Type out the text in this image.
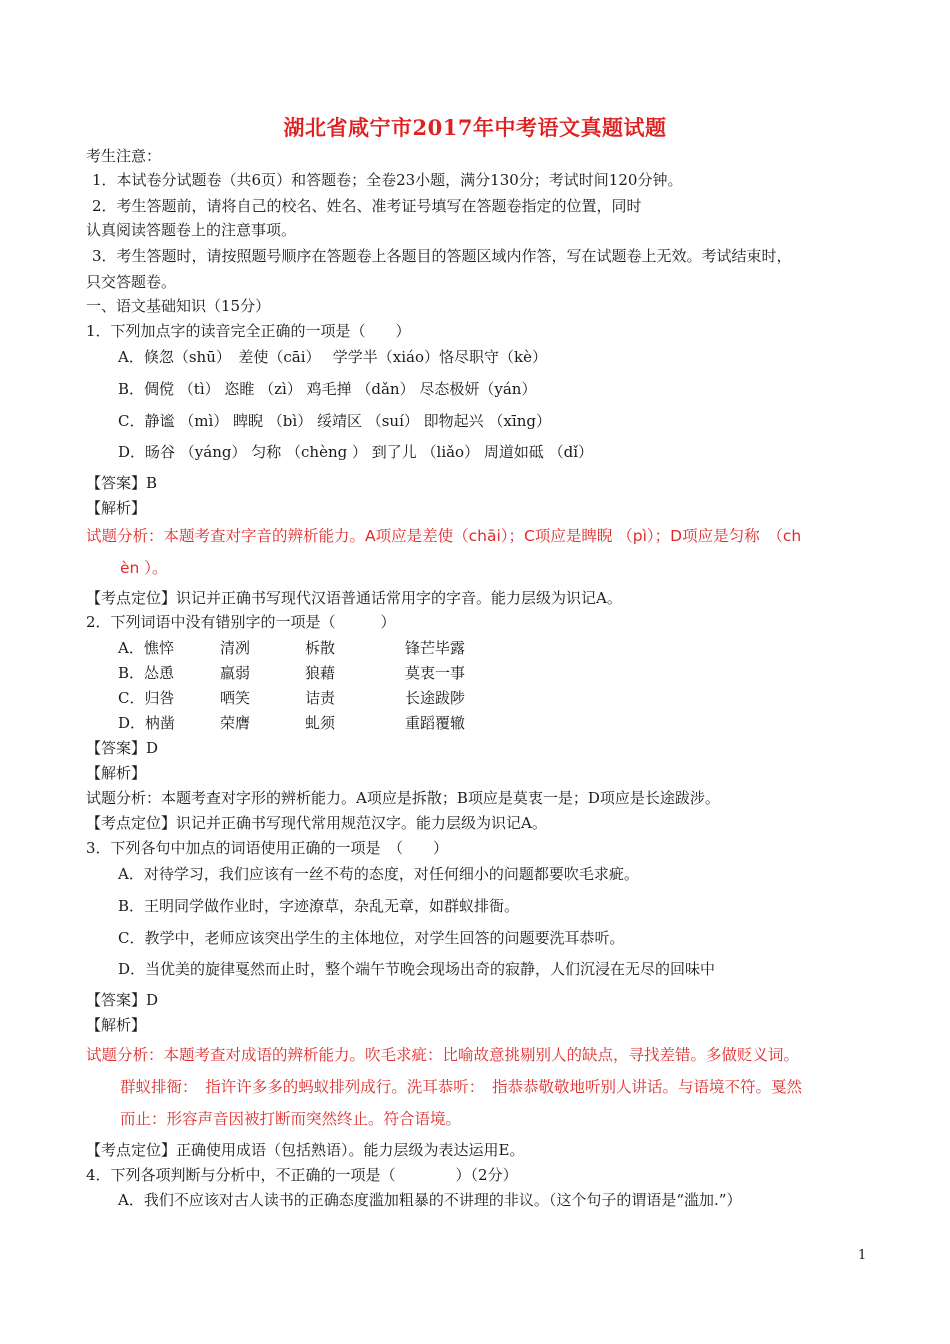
湖北省咸宁市2017年中考语文真题试题
考生注意：
1．本试卷分试题卷（共6页）和答题卷；全卷23小题，满分130分；考试时间120分钟。
2．考生答题前，请将自己的校名、姓名、准考证号填写在答题卷指定的位置，同时
认真阅读答题卷上的注意事项。
3．考生答题时，请按照题号顺序在答题卷上各题目的答题区域内作答，写在试题卷上无效。考试结束时，
只交答题卷。
一、语文基础知识（15分）
1．下列加点字的读音完全正确的一项是（　　）
A．倏忽（shū）　差使（cāi）　 学学半（xiáo）恪尽职守（kè）
B．倜傥 （tì） 恣睢 （zì） 鸡毛掸 （dǎn） 尽态极妍（yán）
C．静谧 （mì） 睥睨 （bì） 绥靖区 （suí） 即物起兴 （xīng）
D．旸谷 （yáng） 匀称 （chèng ） 到了儿 （liǎo） 周道如砥 （dǐ）
【答案】B
【解析】
试题分析：本题考查对字音的辨析能力。A项应是差使（chāi）；C项应是睥睨 （pì）；D项应是匀称　（ch
èn ）。
【考点定位】识记并正确书写现代汉语普通话常用字的字音。能力层级为识记A。
2．下列词语中没有错别字的一项是（　　　）
A．憔悴	清冽	柝散	锋芒毕露
B．怂恿	羸弱	狼藉	莫衷一事
C．归咎	哂笑	诘责	长途跋陟
D．枘凿	荣膺	虬须	重蹈覆辙
【答案】D
【解析】
试题分析：本题考查对字形的辨析能力。A项应是拆散；B项应是莫衷一是；D项应是长途跋涉。
【考点定位】识记并正确书写现代常用规范汉字。能力层级为识记A。
3．下列各句中加点的词语使用正确的一项是　（　　）
A．对待学习，我们应该有一丝不苟的态度，对任何细小的问题都要吹毛求疵。
B．王明同学做作业时，字迹潦草，杂乱无章，如群蚁排衙。
C．教学中，老师应该突出学生的主体地位，对学生回答的问题要洗耳恭听。
D．当优美的旋律戛然而止时，整个端午节晚会现场出奇的寂静，人们沉浸在无尽的回味中
【答案】D
【解析】
试题分析：本题考查对成语的辨析能力。吹毛求疵：比喻故意挑剔别人的缺点，寻找差错。多做贬义词。
群蚁排衙：　指许许多多的蚂蚁排列成行。洗耳恭听：　指恭恭敬敬地听别人讲话。与语境不符。戛然
而止：形容声音因被打断而突然终止。符合语境。
【考点定位】正确使用成语（包括熟语）。能力层级为表达运用E。
4．下列各项判断与分析中，不正确的一项是（　　　　）（2分）
A．我们不应该对古人读书的正确态度滥加粗暴的不讲理的非议。（这个句子的谓语是“滥加.”）
1
